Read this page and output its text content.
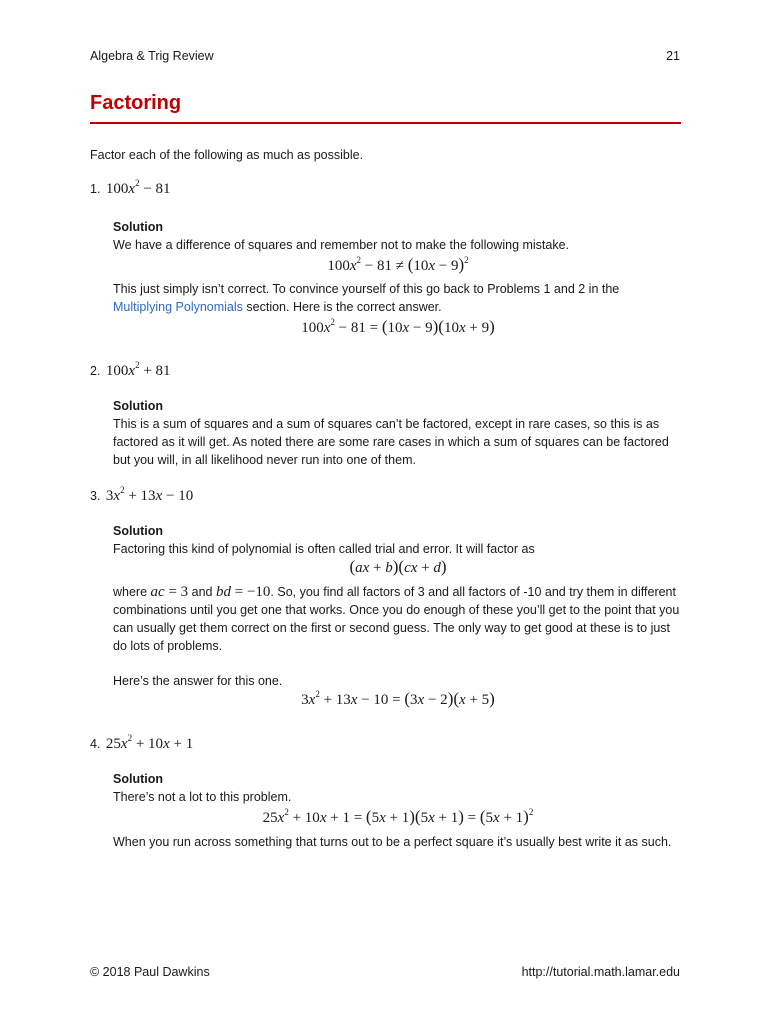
Algebra & Trig Review	21
Factoring
Factor each of the following as much as possible.
1. $100x^2 - 81$
Solution
We have a difference of squares and remember not to make the following mistake.
$100x^2 - 81 \ne (10x - 9)^2$
This just simply isn’t correct. To convince yourself of this go back to Problems 1 and 2 in the
Multiplying Polynomials section. Here is the correct answer.
$100x^2 - 81 = (10x - 9)(10x + 9)$
2. $100x^2 + 81$
Solution
This is a sum of squares and a sum of squares can’t be factored, except in rare cases, so this is as factored as it will get. As noted there are some rare cases in which a sum of squares can be factored but you will, in all likelihood never run into one of them.
3. $3x^2 + 13x - 10$
Solution
Factoring this kind of polynomial is often called trial and error. It will factor as
(ax + b)(cx + d)
where ac = 3 and bd = −10. So, you find all factors of 3 and all factors of -10 and try them in different combinations until you get one that works. Once you do enough of these you’ll get to the point that you can usually get them correct on the first or second guess. The only way to get good at these is to just do lots of problems.
Here’s the answer for this one.
$3x^2 + 13x - 10 = (3x - 2)(x + 5)$
4. $25x^2 + 10x + 1$
Solution
There’s not a lot to this problem.
$25x^2 + 10x + 1 = (5x + 1)(5x + 1) = (5x + 1)^2$
When you run across something that turns out to be a perfect square it’s usually best write it as such.
© 2018 Paul Dawkins	http://tutorial.math.lamar.edu
